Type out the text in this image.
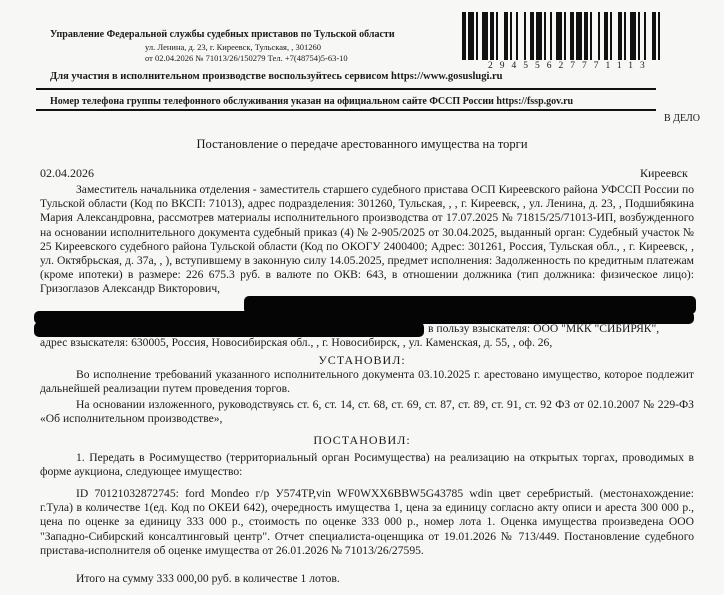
Управление Федеральной службы судебных приставов по Тульской области
ул. Ленина, д. 23, г. Киреевск, Тульская, , 301260
от 02.04.2026 № 71013/26/150279 Тел. +7(48754)5-63-10
29455627771113
Для участия в исполнительном производстве воспользуйтесь сервисом https://www.gosuslugi.ru
Номер телефона группы телефонного обслуживания указан на официальном сайте ФССП России https://fssp.gov.ru
В ДЕЛО
Постановление о передаче арестованного имущества на торги
02.04.2026	Киреевск
Заместитель начальника отделения - заместитель старшего судебного пристава ОСП Киреевского района УФССП России по Тульской области (Код по ВКСП: 71013), адрес подразделения: 301260, Тульская, , , г. Киреевск, , ул. Ленина, д. 23, , Подшибякина Мария Александровна, рассмотрев материалы исполнительного производства от 17.07.2025 № 71815/25/71013-ИП, возбужденного на основании исполнительного документа судебный приказ (4) № 2-905/2025 от 30.04.2025, выданный орган: Судебный участок № 25 Киреевского судебного района Тульской области (Код по ОКОГУ 2400400; Адрес: 301261, Россия, Тульская обл., , г. Киреевск, , ул. Октябрьская, д. 37а, , ), вступившему в законную силу 14.05.2025, предмет исполнения: Задолженность по кредитным платежам (кроме ипотеки) в размере: 226 675.3 руб. в валюте по ОКВ: 643, в отношении должника (тип должника: физическое лицо): Гризоглазов Александр Викторович,
в пользу взыскателя: ООО "МКК "СИБИРЯК",
адрес взыскателя: 630005, Россия, Новосибирская обл., , г. Новосибирск, , ул. Каменская, д. 55, , оф. 26,
УСТАНОВИЛ:
Во исполнение требований указанного исполнительного документа 03.10.2025 г. арестовано имущество, которое подлежит дальнейшей реализации путем проведения торгов.
На основании изложенного, руководствуясь ст. 6, ст. 14, ст. 68, ст. 69, ст. 87, ст. 89, ст. 91, ст. 92 ФЗ от 02.10.2007 № 229-ФЗ «Об исполнительном производстве»,
ПОСТАНОВИЛ:
1. Передать в Росимущество (территориальный орган Росимущества) на реализацию на открытых торгах, проводимых в форме аукциона, следующее имущество:
ID 70121032872745: ford Mondeo г/р У574ТР,vin WF0WXX6BBW5G43785 wdin цвет серебристый. (местонахождение: г.Тула) в количестве 1(ед. Код по ОКЕИ 642), очередность имущества 1, цена за единицу согласно акту описи и ареста 300 000 р., цена по оценке за единицу 333 000 р., стоимость по оценке 333 000 р., номер лота 1. Оценка имущества произведена ООО "Западно-Сибирский консалтинговый центр". Отчет специалиста-оценщика от 19.01.2026 № 713/449. Постановление судебного пристава-исполнителя об оценке имущества от 26.01.2026 № 71013/26/27595.
Итого на сумму 333 000,00 руб. в количестве 1 лотов.
